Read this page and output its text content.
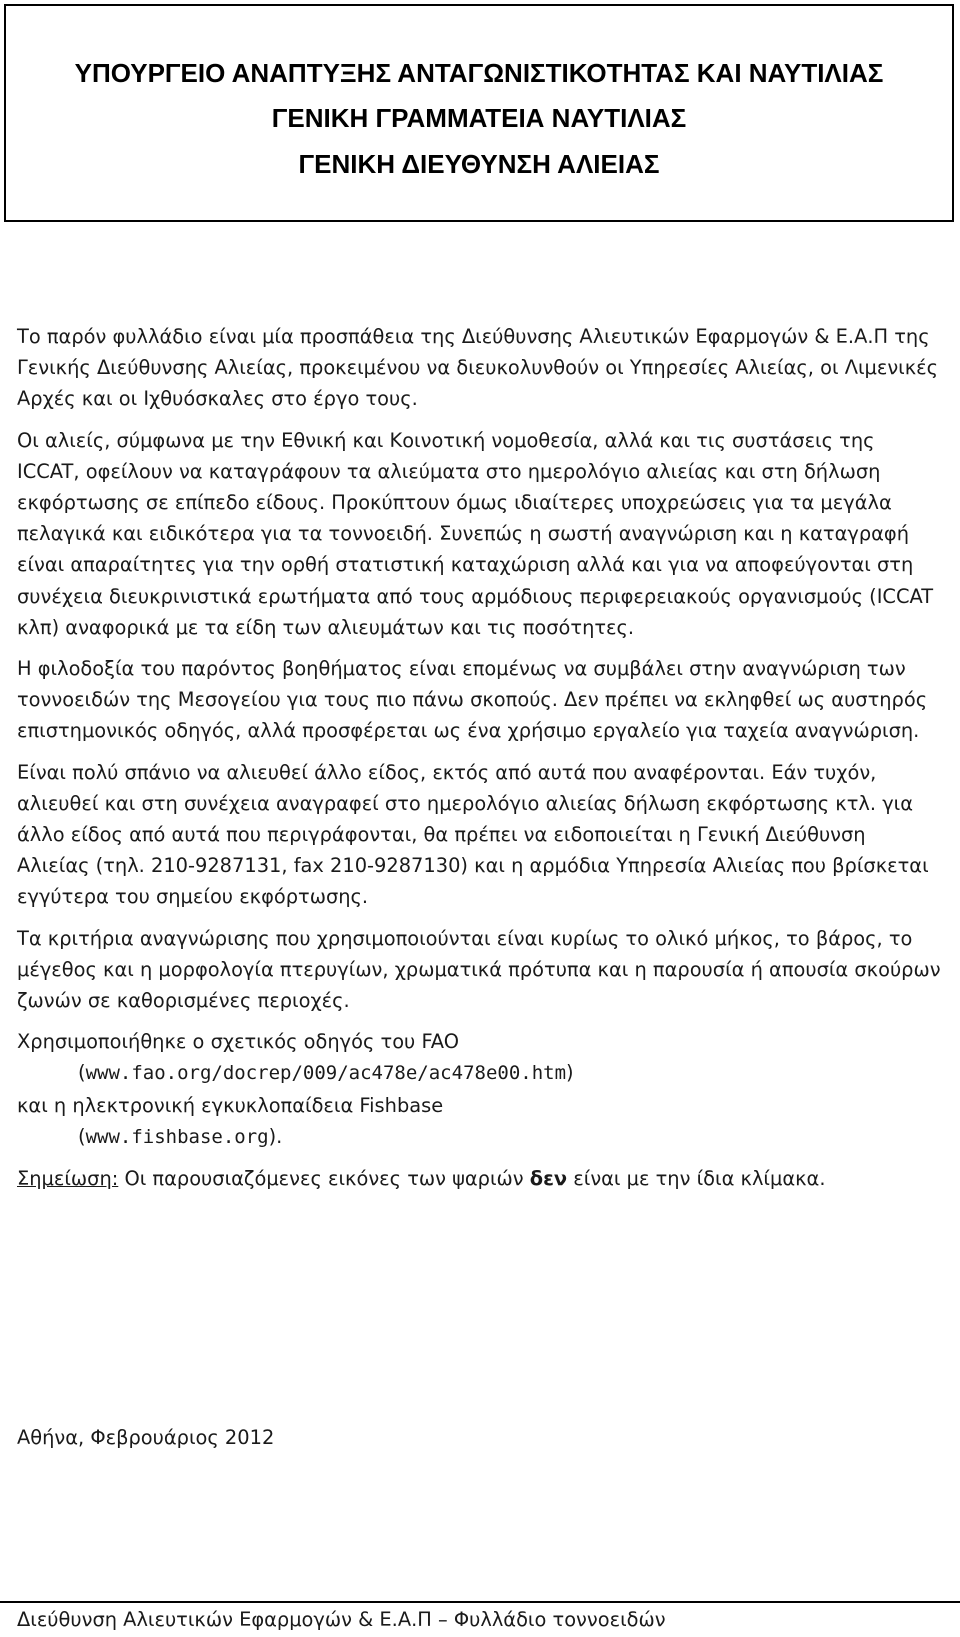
ΥΠΟΥΡΓΕΙΟ ΑΝΑΠΤΥΞΗΣ ΑΝΤΑΓΩΝΙΣΤΙΚΟΤΗΤΑΣ ΚΑΙ ΝΑΥΤΙΛΙΑΣ
ΓΕΝΙΚΗ ΓΡΑΜΜΑΤΕΙΑ ΝΑΥΤΙΛΙΑΣ
ΓΕΝΙΚΗ ΔΙΕΥΘΥΝΣΗ ΑΛΙΕΙΑΣ

Το παρόν φυλλάδιο είναι μία προσπάθεια της Διεύθυνσης Αλιευτικών Εφαρμογών & Ε.Α.Π της Γενικής Διεύθυνσης Αλιείας, προκειμένου να διευκολυνθούν οι Υπηρεσίες Αλιείας, οι Λιμενικές Αρχές και οι Ιχθυόσκαλες στο έργο τους.

Οι αλιείς, σύμφωνα με την Εθνική και Κοινοτική νομοθεσία, αλλά και τις συστάσεις της ICCAT, οφείλουν να καταγράφουν τα αλιεύματα στο ημερολόγιο αλιείας και στη δήλωση εκφόρτωσης σε επίπεδο είδους. Προκύπτουν όμως ιδιαίτερες υποχρεώσεις για τα μεγάλα πελαγικά και ειδικότερα για τα τοννοειδή. Συνεπώς η σωστή αναγνώριση και η καταγραφή είναι απαραίτητες για την ορθή στατιστική καταχώριση αλλά και για να αποφεύγονται στη συνέχεια διευκρινιστικά ερωτήματα από τους αρμόδιους περιφερειακούς οργανισμούς (ICCAT κλπ) αναφορικά με τα είδη των αλιευμάτων και τις ποσότητες.

Η φιλοδοξία του παρόντος βοηθήματος είναι επομένως να συμβάλει στην αναγνώριση των τοννοειδών της Μεσογείου για τους πιο πάνω σκοπούς. Δεν πρέπει να εκληφθεί ως αυστηρός επιστημονικός οδηγός, αλλά προσφέρεται ως ένα χρήσιμο εργαλείο για ταχεία αναγνώριση.

Είναι πολύ σπάνιο να αλιευθεί άλλο είδος, εκτός από αυτά που αναφέρονται. Εάν τυχόν, αλιευθεί και στη συνέχεια αναγραφεί στο ημερολόγιο αλιείας δήλωση εκφόρτωσης κτλ. για άλλο είδος από αυτά που περιγράφονται, θα πρέπει να ειδοποιείται η Γενική Διεύθυνση Αλιείας (τηλ. 210-9287131, fax 210-9287130) και η αρμόδια Υπηρεσία Αλιείας που βρίσκεται εγγύτερα του σημείου εκφόρτωσης.

Τα κριτήρια αναγνώρισης που χρησιμοποιούνται είναι κυρίως το ολικό μήκος, το βάρος, το μέγεθος και η μορφολογία πτερυγίων, χρωματικά πρότυπα και η παρουσία ή απουσία σκούρων ζωνών σε καθορισμένες περιοχές.

Χρησιμοποιήθηκε ο σχετικός οδηγός του FAO
(www.fao.org/docrep/009/ac478e/ac478e00.htm)
και η ηλεκτρονική εγκυκλοπαίδεια Fishbase
(www.fishbase.org).

Σημείωση: Οι παρουσιαζόμενες εικόνες των ψαριών δεν είναι με την ίδια κλίμακα.

Αθήνα, Φεβρουάριος 2012
Διεύθυνση Αλιευτικών Εφαρμογών & Ε.Α.Π – Φυλλάδιο τοννοειδών
